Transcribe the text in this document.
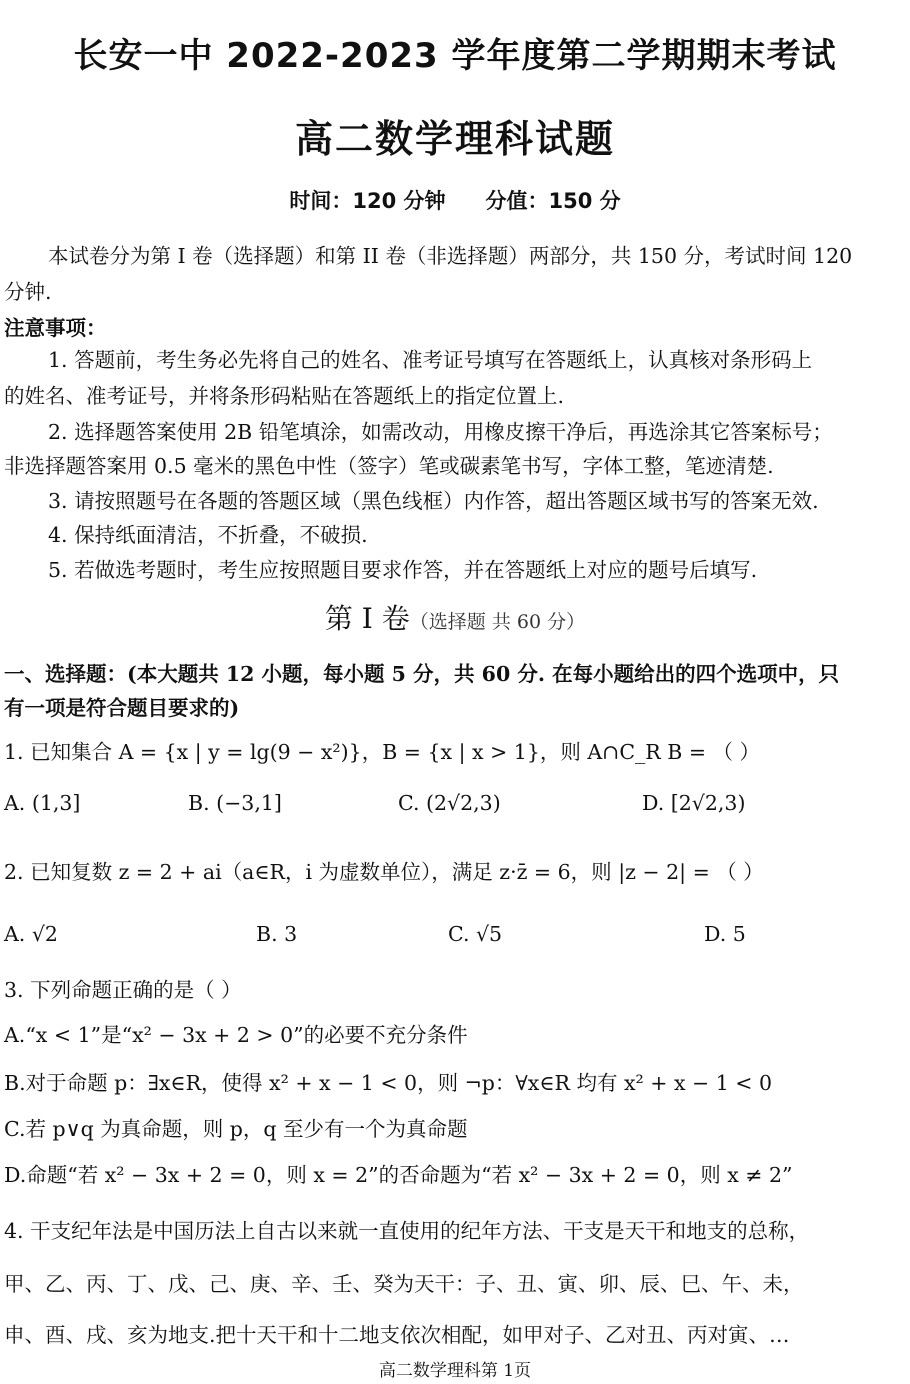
长安一中 2022-2023 学年度第二学期期末考试
高二数学理科试题
时间：120 分钟 分值：150 分
本试卷分为第 I 卷（选择题）和第 II 卷（非选择题）两部分，共 150 分，考试时间 120
分钟.
注意事项：
1. 答题前，考生务必先将自己的姓名、准考证号填写在答题纸上，认真核对条形码上
的姓名、准考证号，并将条形码粘贴在答题纸上的指定位置上.
2. 选择题答案使用 2B 铅笔填涂，如需改动，用橡皮擦干净后，再选涂其它答案标号；
非选择题答案用 0.5 毫米的黑色中性（签字）笔或碳素笔书写，字体工整，笔迹清楚.
3. 请按照题号在各题的答题区域（黑色线框）内作答，超出答题区域书写的答案无效.
4. 保持纸面清洁，不折叠，不破损.
5. 若做选考题时，考生应按照题目要求作答，并在答题纸上对应的题号后填写.
第 I 卷（选择题 共 60 分）
一、选择题：(本大题共 12 小题，每小题 5 分，共 60 分. 在每小题给出的四个选项中，只
有一项是符合题目要求的)
1. 已知集合 A = {x | y = lg(9 − x²)}，B = {x | x > 1}，则 A∩C_R B = （ ）
A. (1,3]	B. (−3,1]	C. (2√2,3)	D. [2√2,3)
2. 已知复数 z = 2 + ai（a∈R，i 为虚数单位），满足 z·z̄ = 6，则 |z − 2| = （ ）
A. √2	B. 3	C. √5	D. 5
3. 下列命题正确的是（ ）
A.“x < 1”是“x² − 3x + 2 > 0”的必要不充分条件
B.对于命题 p：∃x∈R，使得 x² + x − 1 < 0，则 ¬p：∀x∈R 均有 x² + x − 1 < 0
C.若 p∨q 为真命题，则 p，q 至少有一个为真命题
D.命题“若 x² − 3x + 2 = 0，则 x = 2”的否命题为“若 x² − 3x + 2 = 0，则 x ≠ 2”
4. 干支纪年法是中国历法上自古以来就一直使用的纪年方法、干支是天干和地支的总称，
甲、乙、丙、丁、戊、己、庚、辛、壬、癸为天干：子、丑、寅、卯、辰、巳、午、未，
申、酉、戌、亥为地支.把十天干和十二地支依次相配，如甲对子、乙对丑、丙对寅、…
高二数学理科第 1页
